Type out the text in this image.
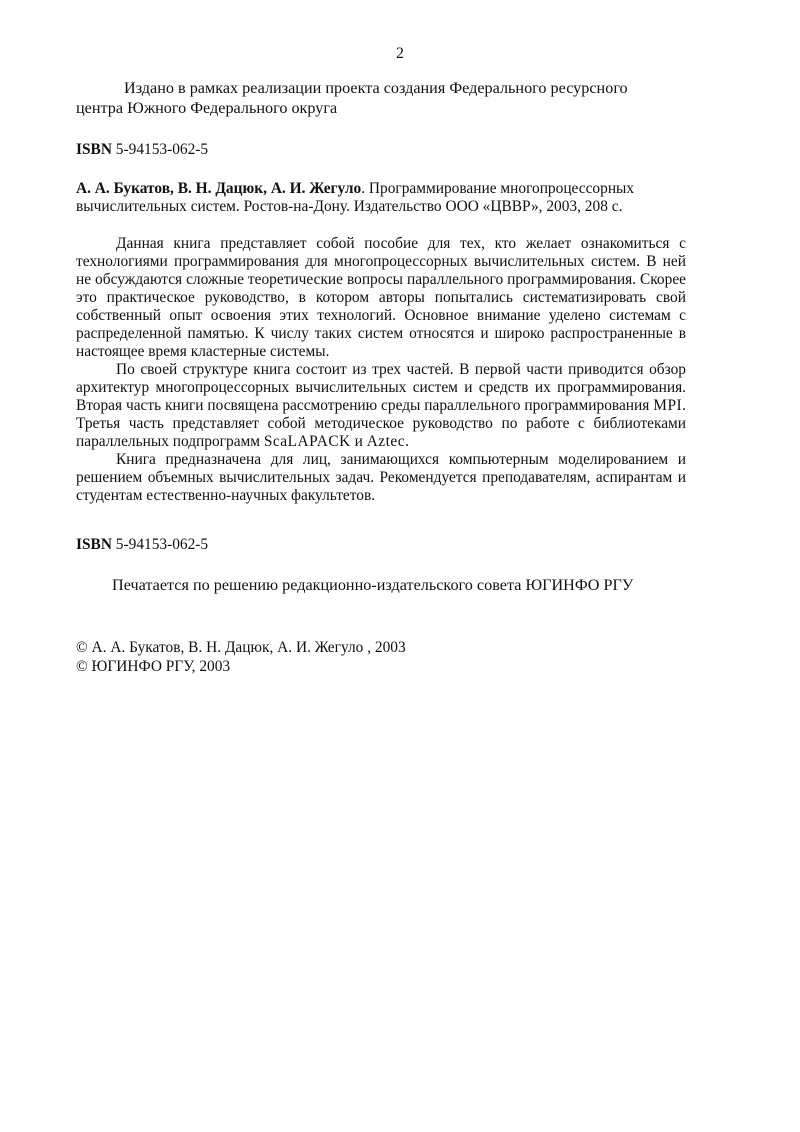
2
Издано в рамках реализации проекта создания Федерального ресурсного
центра Южного Федерального округа
ISBN 5-94153-062-5
А. А. Букатов, В. Н. Дацюк, А. И. Жегуло. Программирование многопроцессорных
вычислительных систем. Ростов-на-Дону. Издательство ООО «ЦВВР», 2003, 208 с.

Данная книга представляет собой пособие для тех, кто желает ознакомиться с технологиями программирования для многопроцессорных вычислительных систем. В ней не обсуждаются сложные теоретические вопросы параллельного программирования. Скорее это практическое руководство, в котором авторы попытались систематизировать свой собственный опыт освоения этих технологий. Основное внимание уделено системам с распределенной памятью. К числу таких систем относятся и широко распространенные в настоящее время кластерные системы.

По своей структуре книга состоит из трех частей. В первой части приводится обзор архитектур многопроцессорных вычислительных систем и средств их программирования. Вторая часть книги посвящена рассмотрению среды параллельного программирования MPI. Третья часть представляет собой методическое руководство по работе с библиотеками параллельных подпрограмм ScaLAPACK и Aztec.

Книга предназначена для лиц, занимающихся компьютерным моделированием и решением объемных вычислительных задач. Рекомендуется преподавателям, аспирантам и студентам естественно-научных факультетов.

ISBN 5-94153-062-5
Печатается по решению редакционно-издательского совета ЮГИНФО РГУ
© А. А. Букатов, В. Н. Дацюк, А. И. Жегуло , 2003
© ЮГИНФО РГУ, 2003
